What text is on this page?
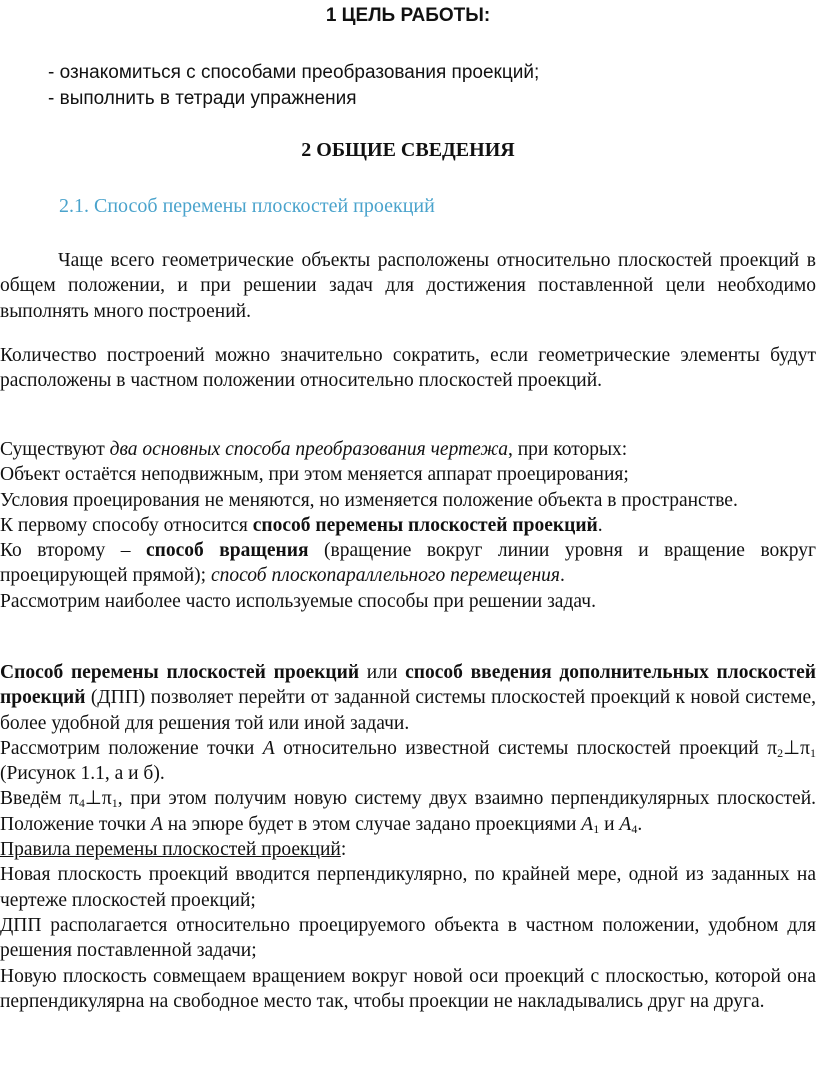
1 ЦЕЛЬ РАБОТЫ:
- ознакомиться с способами преобразования проекций;
- выполнить в тетради упражнения
2 ОБЩИЕ СВЕДЕНИЯ
2.1. Способ перемены плоскостей проекций

Чаще всего геометрические объекты расположены относительно плоскостей проекций в общем положении, и при решении задач для достижения поставленной цели необходимо выполнять много построений.

Количество построений можно значительно сократить, если геометрические элементы будут расположены в частном положении относительно плоскостей проекций.

Существуют два основных способа преобразования чертежа, при которых:

Объект остаётся неподвижным, при этом меняется аппарат проецирования;

Условия проецирования не меняются, но изменяется положение объекта в пространстве.

К первому способу относится способ перемены плоскостей проекций.

Ко второму – способ вращения (вращение вокруг линии уровня и вращение вокруг проецирующей прямой); способ плоскопараллельного перемещения.

Рассмотрим наиболее часто используемые способы при решении задач.

Способ перемены плоскостей проекций или способ введения дополнительных плоскостей проекций (ДПП) позволяет перейти от заданной системы плоскостей проекций к новой системе, более удобной для решения той или иной задачи.

Рассмотрим положение точки A относительно известной системы плоскостей проекций $\pi_2\perp\pi_1$ (Рисунок 1.1, а и б).

Введём $\pi_4\perp\pi_1$, при этом получим новую систему двух взаимно перпендикулярных плоскостей. Положение точки A на эпюре будет в этом случае задано проекциями $A_1$ и $A_4$.

Правила перемены плоскостей проекций:

Новая плоскость проекций вводится перпендикулярно, по крайней мере, одной из заданных на чертеже плоскостей проекций;

ДПП располагается относительно проецируемого объекта в частном положении, удобном для решения поставленной задачи;

Новую плоскость совмещаем вращением вокруг новой оси проекций с плоскостью, которой она перпендикулярна на свободное место так, чтобы проекции не накладывались друг на друга.
